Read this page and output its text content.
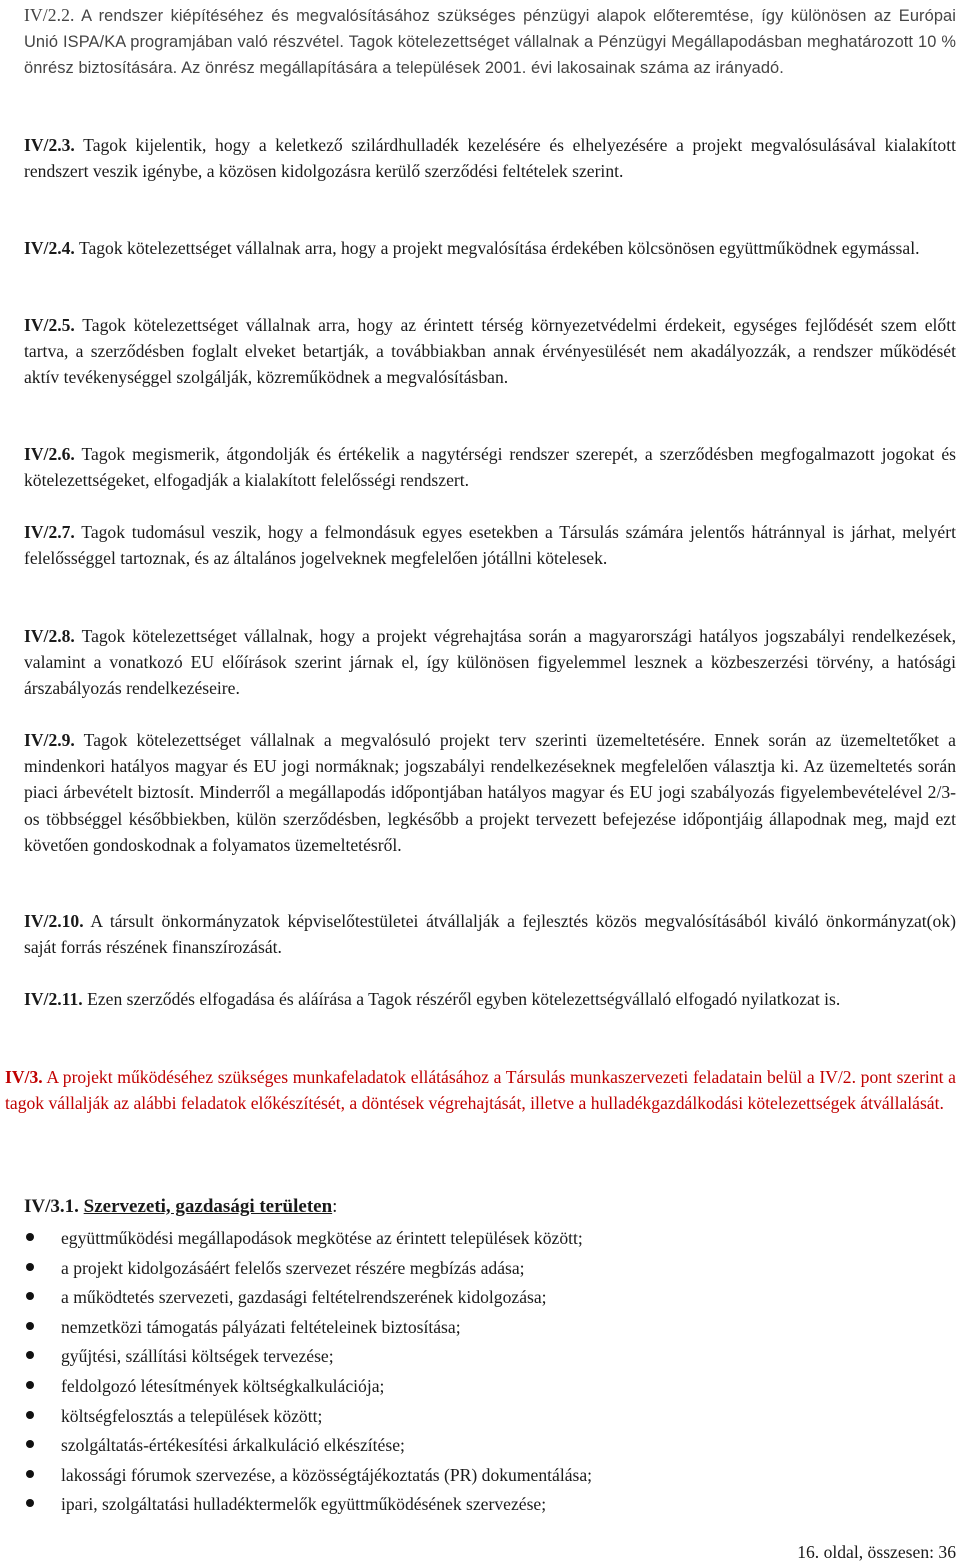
IV/2.2. A rendszer kiépítéséhez és megvalósításához szükséges pénzügyi alapok előteremtése, így különösen az Európai Unió ISPA/KA programjában való részvétel. Tagok kötelezettséget vállalnak a Pénzügyi Megállapodásban meghatározott 10 % önrész biztosítására. Az önrész megállapítására a települések 2001. évi lakosainak száma az irányadó.
IV/2.3. Tagok kijelentik, hogy a keletkező szilárdhulladék kezelésére és elhelyezésére a projekt megvalósulásával kialakított rendszert veszik igénybe, a közösen kidolgozásra kerülő szerződési feltételek szerint.
IV/2.4. Tagok kötelezettséget vállalnak arra, hogy a projekt megvalósítása érdekében kölcsönösen együttműködnek egymással.
IV/2.5. Tagok kötelezettséget vállalnak arra, hogy az érintett térség környezetvédelmi érdekeit, egységes fejlődését szem előtt tartva, a szerződésben foglalt elveket betartják, a továbbiakban annak érvényesülését nem akadályozzák, a rendszer működését aktív tevékenységgel szolgálják, közreműködnek a megvalósításban.
IV/2.6. Tagok megismerik, átgondolják és értékelik a nagytérségi rendszer szerepét, a szerződésben megfogalmazott jogokat és kötelezettségeket, elfogadják a kialakított felelősségi rendszert.
IV/2.7. Tagok tudomásul veszik, hogy a felmondásuk egyes esetekben a Társulás számára jelentős hátránnyal is járhat, melyért felelősséggel tartoznak, és az általános jogelveknek megfelelően jótállni kötelesek.
IV/2.8. Tagok kötelezettséget vállalnak, hogy a projekt végrehajtása során a magyarországi hatályos jogszabályi rendelkezések, valamint a vonatkozó EU előírások szerint járnak el, így különösen figyelemmel lesznek a közbeszerzési törvény, a hatósági árszabályozás rendelkezéseire.
IV/2.9. Tagok kötelezettséget vállalnak a megvalósuló projekt terv szerinti üzemeltetésére. Ennek során az üzemeltetőket a mindenkori hatályos magyar és EU jogi normáknak; jogszabályi rendelkezéseknek megfelelően választja ki. Az üzemeltetés során piaci árbevételt biztosít. Minderről a megállapodás időpontjában hatályos magyar és EU jogi szabályozás figyelembevételével 2/3-os többséggel későbbiekben, külön szerződésben, legkésőbb a projekt tervezett befejezése időpontjáig állapodnak meg, majd ezt követően gondoskodnak a folyamatos üzemeltetésről.
IV/2.10. A társult önkormányzatok képviselőtestületei átvállalják a fejlesztés közös megvalósításából kiváló önkormányzat(ok) saját forrás részének finanszírozását.
IV/2.11. Ezen szerződés elfogadása és aláírása a Tagok részéről egyben kötelezettségvállaló elfogadó nyilatkozat is.
IV/3. A projekt működéséhez szükséges munkafeladatok ellátásához a Társulás munkaszervezeti feladatain belül a IV/2. pont szerint a tagok vállalják az alábbi feladatok előkészítését, a döntések végrehajtását, illetve a hulladékgazdálkodási kötelezettségek átvállalását.
IV/3.1. Szervezeti, gazdasági területen:
együttműködési megállapodások megkötése az érintett települések között;
a projekt kidolgozásáért felelős szervezet részére megbízás adása;
a működtetés szervezeti, gazdasági feltételrendszerének kidolgozása;
nemzetközi támogatás pályázati feltételeinek biztosítása;
gyűjtési, szállítási költségek tervezése;
feldolgozó létesítmények költségkalkulációja;
költségfelosztás a települések között;
szolgáltatás-értékesítési árkalkuláció elkészítése;
lakossági fórumok szervezése, a közösségtájékoztatás (PR) dokumentálása;
ipari, szolgáltatási hulladéktermelők együttműködésének szervezése;
16. oldal, összesen: 36
